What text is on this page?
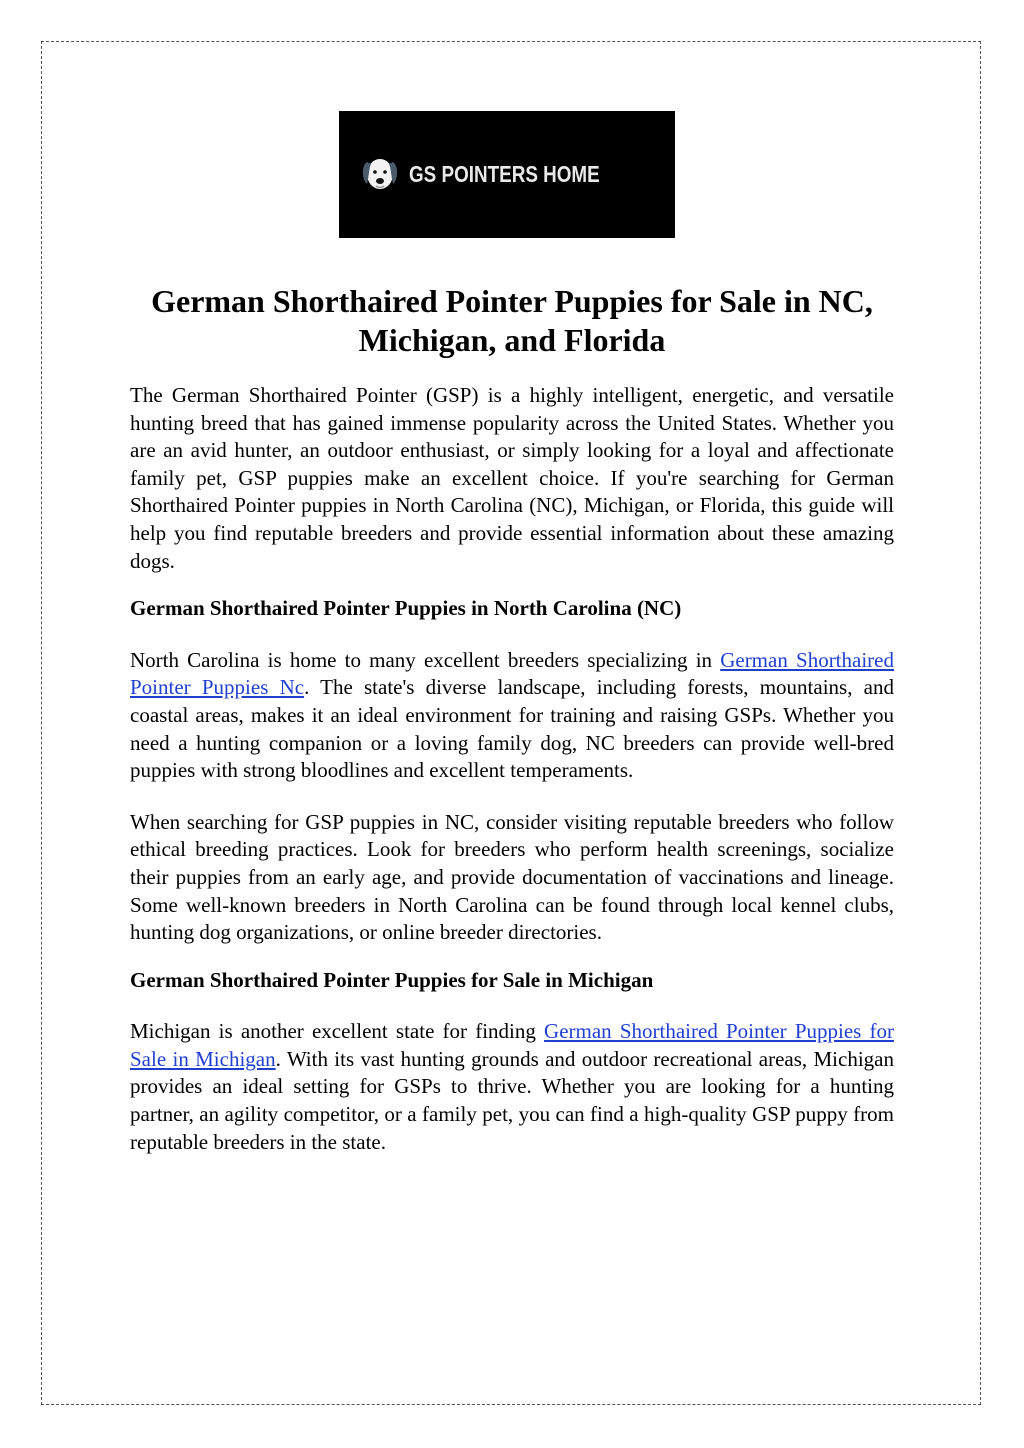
GS POINTERS HOME
German Shorthaired Pointer Puppies for Sale in NC, Michigan, and Florida

The German Shorthaired Pointer (GSP) is a highly intelligent, energetic, and versatile hunting breed that has gained immense popularity across the United States. Whether you are an avid hunter, an outdoor enthusiast, or simply looking for a loyal and affectionate family pet, GSP puppies make an excellent choice. If you're searching for German Shorthaired Pointer puppies in North Carolina (NC), Michigan, or Florida, this guide will help you find reputable breeders and provide essential information about these amazing dogs.

German Shorthaired Pointer Puppies in North Carolina (NC)

North Carolina is home to many excellent breeders specializing in German Shorthaired Pointer Puppies Nc. The state's diverse landscape, including forests, mountains, and coastal areas, makes it an ideal environment for training and raising GSPs. Whether you need a hunting companion or a loving family dog, NC breeders can provide well-bred puppies with strong bloodlines and excellent temperaments.

When searching for GSP puppies in NC, consider visiting reputable breeders who follow ethical breeding practices. Look for breeders who perform health screenings, socialize their puppies from an early age, and provide documentation of vaccinations and lineage. Some well-known breeders in North Carolina can be found through local kennel clubs, hunting dog organizations, or online breeder directories.

German Shorthaired Pointer Puppies for Sale in Michigan

Michigan is another excellent state for finding German Shorthaired Pointer Puppies for Sale in Michigan. With its vast hunting grounds and outdoor recreational areas, Michigan provides an ideal setting for GSPs to thrive. Whether you are looking for a hunting partner, an agility competitor, or a family pet, you can find a high-quality GSP puppy from reputable breeders in the state.
